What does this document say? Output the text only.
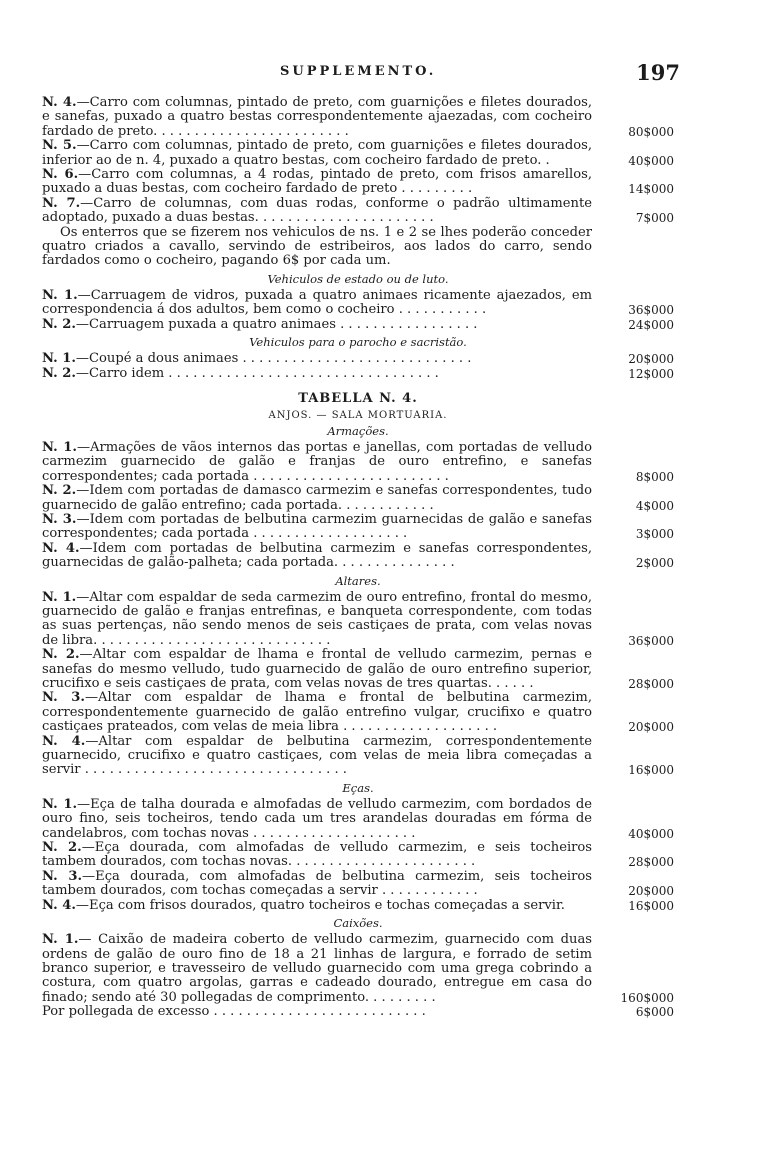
SUPPLEMENTO.	197
N. 4.—Carro com columnas, pintado de preto, com guarnições e filetes dourados, e sanefas, puxado a quatro bestas correspondentemente ajaezadas, com cocheiro fardado de preto. . . . . . . . . . . . . . . . . . . . . . . .	80$000
N. 5.—Carro com columnas, pintado de preto, com guarnições e filetes dourados, inferior ao de n. 4, puxado a quatro bestas, com cocheiro fardado de preto. .	40$000
N. 6.—Carro com columnas, a 4 rodas, pintado de preto, com frisos amarellos, puxado a duas bestas, com cocheiro fardado de preto . . . . . . . . .	14$000
N. 7.—Carro de columnas, com duas rodas, conforme o padrão ultimamente adoptado, puxado a duas bestas. . . . . . . . . . . . . . . . . . . . . .	7$000
Os enterros que se fizerem nos vehiculos de ns. 1 e 2 se lhes poderão conceder quatro criados a cavallo, servindo de estribeiros, aos lados do carro, sendo fardados como o cocheiro, pagando 6$ por cada um.
Vehiculos de estado ou de luto.
N. 1.—Carruagem de vidros, puxada a quatro animaes ricamente ajaezados, em correspondencia á dos adultos, bem como o cocheiro . . . . . . . . . . .	36$000
N. 2.—Carruagem puxada a quatro animaes . . . . . . . . . . . . . . . . .	24$000
Vehiculos para o parocho e sacristão.
N. 1.—Coupé a dous animaes . . . . . . . . . . . . . . . . . . . . . . . . . . . .	20$000
N. 2.—Carro idem . . . . . . . . . . . . . . . . . . . . . . . . . . . . . . . . .	12$000
TABELLA N. 4.
ANJOS. — SALA MORTUARIA.
Armações.
N. 1.—Armações de vãos internos das portas e janellas, com portadas de velludo carmezim guarnecido de galão e franjas de ouro entrefino, e sanefas correspondentes; cada portada . . . . . . . . . . . . . . . . . . . . . . . .	8$000
N. 2.—Idem com portadas de damasco carmezim e sanefas correspondentes, tudo guarnecido de galão entrefino; cada portada. . . . . . . . . . . .	4$000
N. 3.—Idem com portadas de belbutina carmezim guarnecidas de galão e sanefas correspondentes; cada portada . . . . . . . . . . . . . . . . . . .	3$000
N. 4.—Idem com portadas de belbutina carmezim e sanefas correspondentes, guarnecidas de galão-palheta; cada portada. . . . . . . . . . . . . . .	2$000
Altares.
N. 1.—Altar com espaldar de seda carmezim de ouro entrefino, frontal do mesmo, guarnecido de galão e franjas entrefinas, e banqueta correspondente, com todas as suas pertenças, não sendo menos de seis castiçaes de prata, com velas novas de libra. . . . . . . . . . . . . . . . . . . . . . . . . . . . .	36$000
N. 2.—Altar com espaldar de lhama e frontal de velludo carmezim, pernas e sanefas do mesmo velludo, tudo guarnecido de galão de ouro entrefino superior, crucifixo e seis castiçaes de prata, com velas novas de tres quartas. . . . . .	28$000
N. 3.—Altar com espaldar de lhama e frontal de belbutina carmezim, correspondentemente guarnecido de galão entrefino vulgar, crucifixo e quatro castiçaes prateados, com velas de meia libra . . . . . . . . . . . . . . . . . . .	20$000
N. 4.—Altar com espaldar de belbutina carmezim, correspondentemente guarnecido, crucifixo e quatro castiçaes, com velas de meia libra começadas a servir . . . . . . . . . . . . . . . . . . . . . . . . . . . . . . . .	16$000
Eças.
N. 1.—Eça de talha dourada e almofadas de velludo carmezim, com bordados de ouro fino, seis tocheiros, tendo cada um tres arandelas douradas em fórma de candelabros, com tochas novas . . . . . . . . . . . . . . . . . . . .	40$000
N. 2.—Eça dourada, com almofadas de velludo carmezim, e seis tocheiros tambem dourados, com tochas novas. . . . . . . . . . . . . . . . . . . . . . .	28$000
N. 3.—Eça dourada, com almofadas de belbutina carmezim, seis tocheiros tambem dourados, com tochas começadas a servir . . . . . . . . . . . .	20$000
N. 4.—Eça com frisos dourados, quatro tocheiros e tochas começadas a servir.	16$000
Caixões.
N. 1.— Caixão de madeira coberto de velludo carmezim, guarnecido com duas ordens de galão de ouro fino de 18 a 21 linhas de largura, e forrado de setim branco superior, e travesseiro de velludo guarnecido com uma grega cobrindo a costura, com quatro argolas, garras e cadeado dourado, entregue em casa do finado; sendo até 30 pollegadas de comprimento. . . . . . . . .	160$000
Por pollegada de excesso . . . . . . . . . . . . . . . . . . . . . . . . . .	6$000
